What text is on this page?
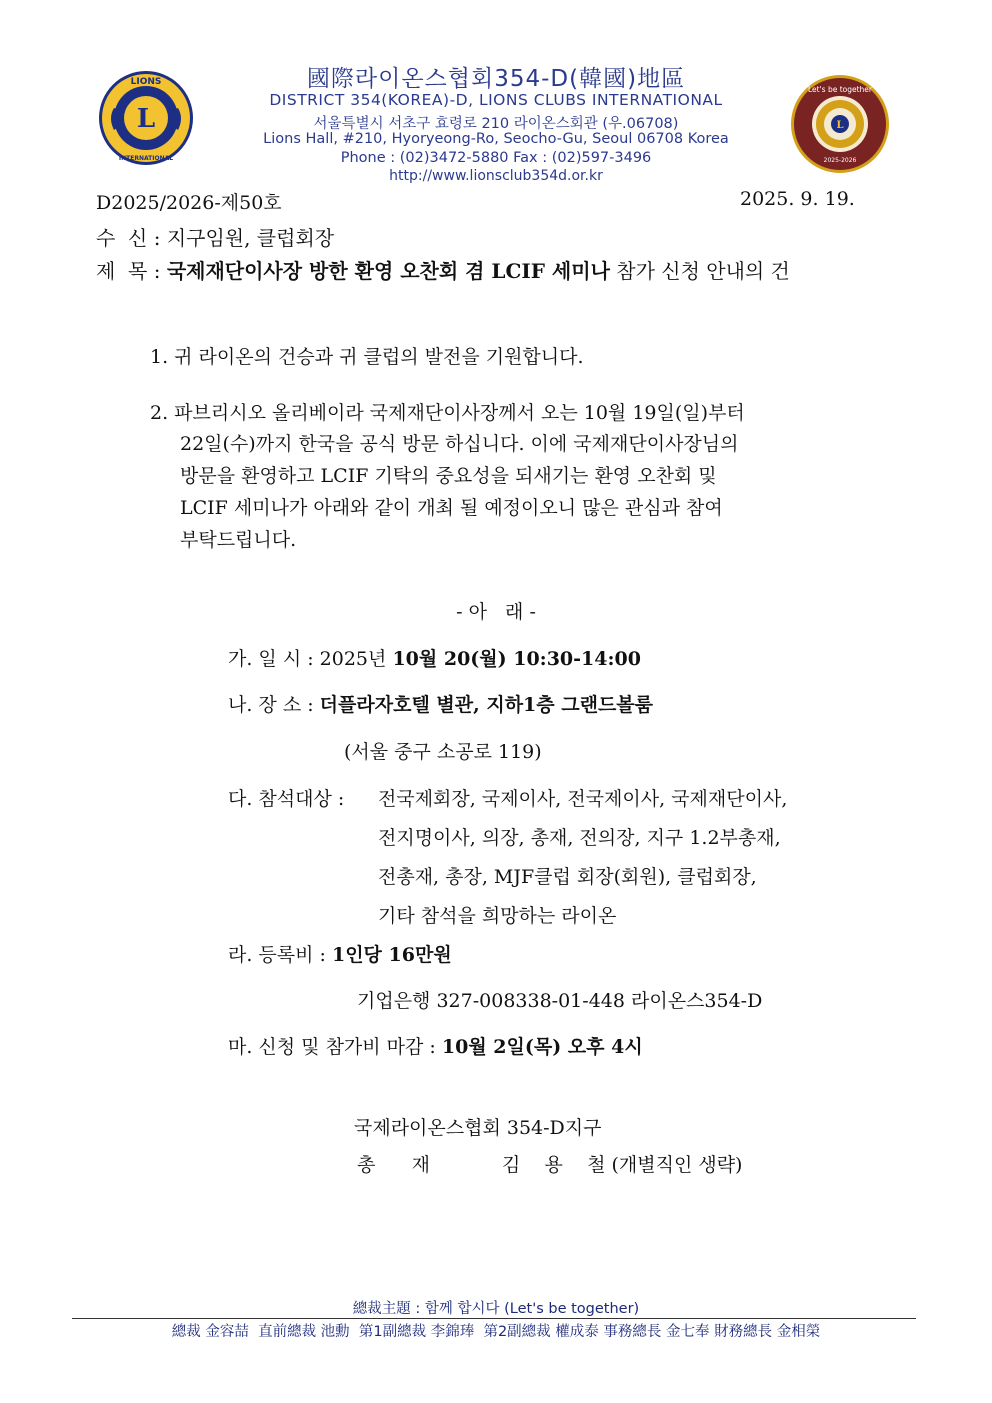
L
LIONS
INTERNATIONAL
L
Let's be together
2025-2026
國際라이온스협회354-D(韓國)地區
DISTRICT 354(KOREA)-D, LIONS CLUBS INTERNATIONAL
서울특별시 서초구 효령로 210 라이온스회관 (우.06708)
Lions Hall, #210, Hyoryeong-Ro, Seocho-Gu, Seoul 06708 Korea
Phone : (02)3472-5880 Fax : (02)597-3496
http://www.lionsclub354d.or.kr
D2025/2026-제50호	2025. 9. 19.
수  신 : 지구임원, 클럽회장
제  목 : 국제재단이사장 방한 환영 오찬회 겸 LCIF 세미나 참가 신청 안내의 건
1. 귀 라이온의 건승과 귀 클럽의 발전을 기원합니다.
2. 파브리시오 올리베이라 국제재단이사장께서 오는 10월 19일(일)부터
22일(수)까지 한국을 공식 방문 하십니다. 이에 국제재단이사장님의
방문을 환영하고 LCIF 기탁의 중요성을 되새기는 환영 오찬회 및
LCIF 세미나가 아래와 같이 개최 될 예정이오니 많은 관심과 참여
부탁드립니다.
- 아   래 -
가. 일 시 : 2025년 10월 20(월) 10:30-14:00
나. 장 소 : 더플라자호텔 별관, 지하1층 그랜드볼룸
(서울 중구 소공로 119)
다. 참석대상 : 전국제회장, 국제이사, 전국제이사, 국제재단이사,
전지명이사, 의장, 총재, 전의장, 지구 1.2부총재,
전총재, 총장, MJF클럽 회장(회원), 클럽회장,
기타 참석을 희망하는 라이온
라. 등록비 : 1인당 16만원
기업은행 327-008338-01-448 라이온스354-D
마. 신청 및 참가비 마감 : 10월 2일(목) 오후 4시
국제라이온스협회 354-D지구
총      재	김    용    철 (개별직인 생략)
總裁主題 : 함께 합시다 (Let's be together)
總裁 金容喆  直前總裁 池勳  第1副總裁 李錦琫  第2副總裁 權成泰 事務總長 金七奉 財務總長 金相榮
